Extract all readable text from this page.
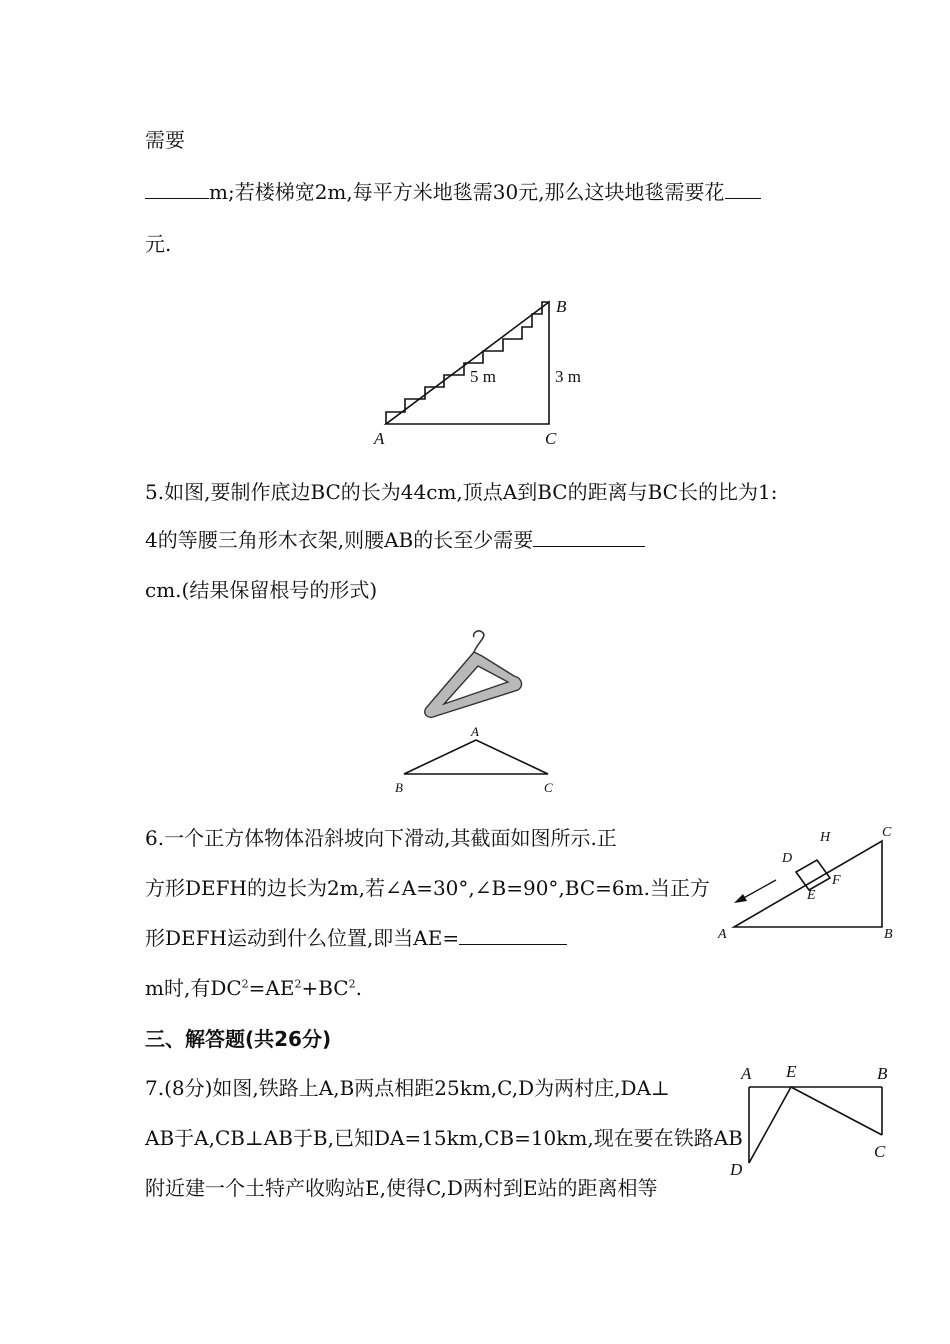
需要
m;若楼梯宽2m,每平方米地毯需30元,那么这块地毯需要花
元.
A
B
C
5 m	3 m
5.如图,要制作底边BC的长为44cm,顶点A到BC的距离与BC长的比为1:
4的等腰三角形木衣架,则腰AB的长至少需要
cm.(结果保留根号的形式)
A
B	C
6.一个正方体物体沿斜坡向下滑动,其截面如图所示.正
方形DEFH的边长为2m,若∠A=30°,∠B=90°,BC=6m.当正方
形DEFH运动到什么位置,即当AE=
m时,有$DC^2=AE^2+BC^2$.
A	B
C
D
E
F
H
三、解答题(共26分)
7.(8分)如图,铁路上A,B两点相距25km,C,D为两村庄,DA⊥
AB于A,CB⊥AB于B,已知DA=15km,CB=10km,现在要在铁路AB
附近建一个土特产收购站E,使得C,D两村到E站的距离相等
A E	B
C
D
